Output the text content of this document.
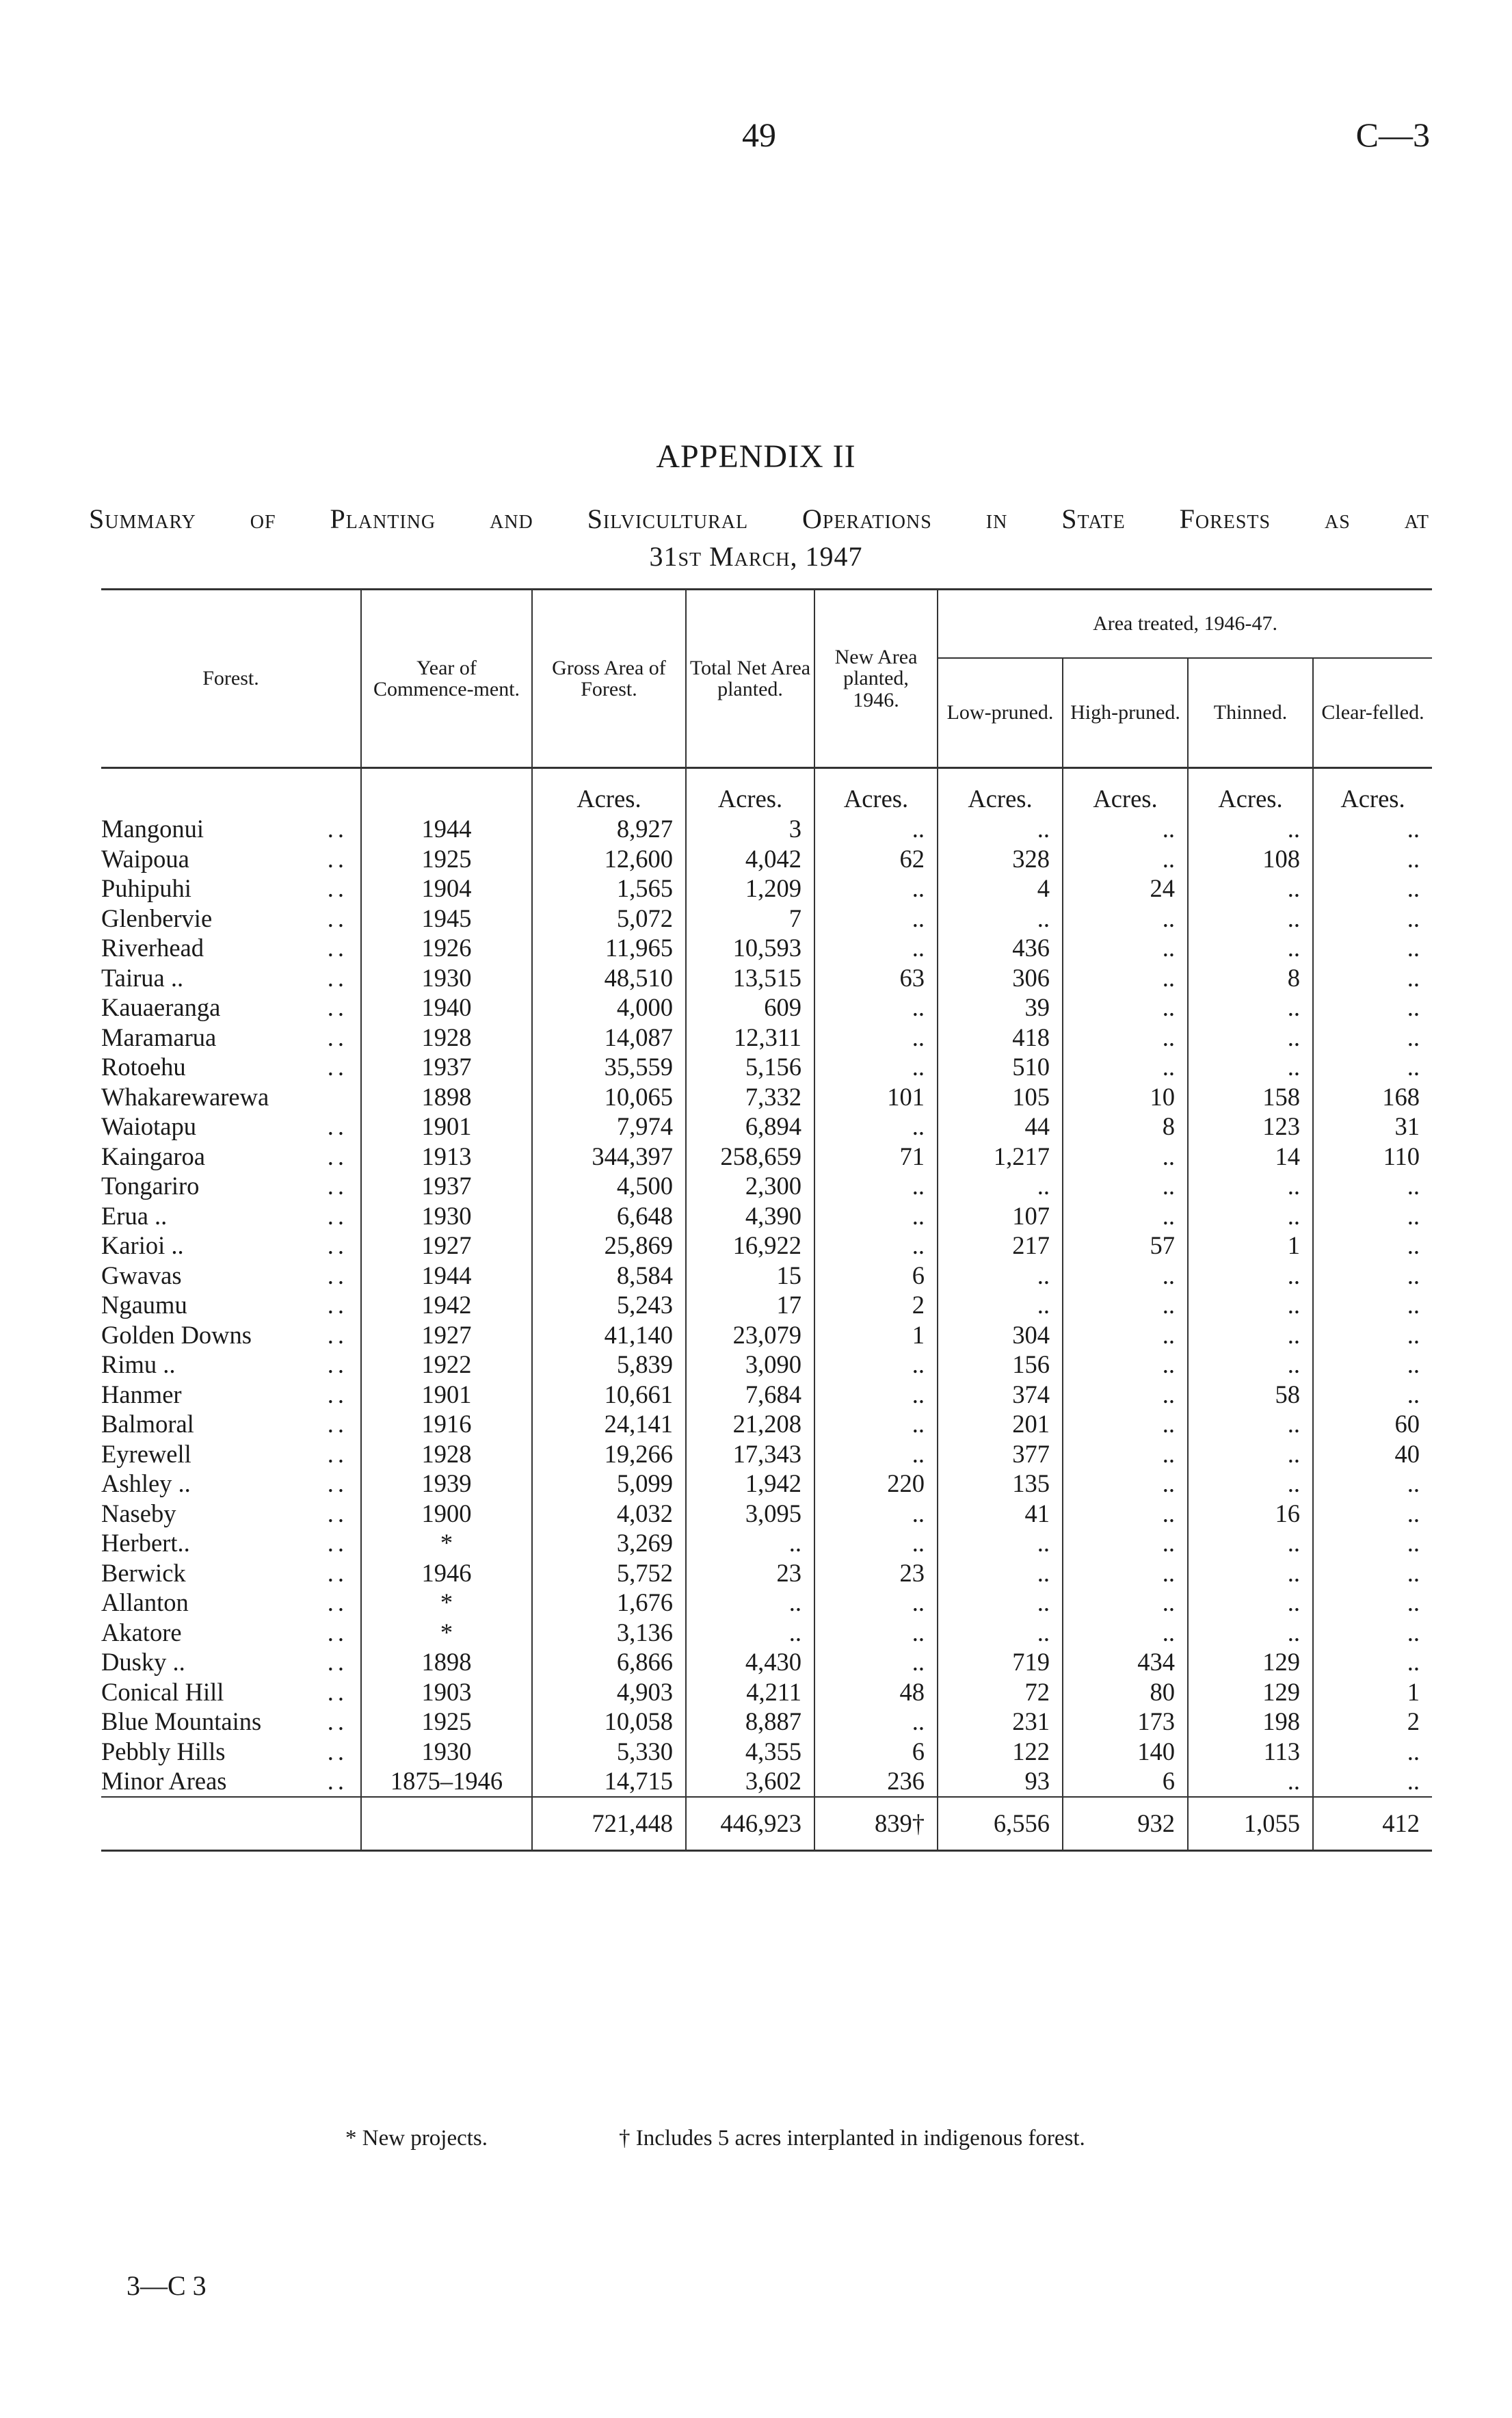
49	C—3
APPENDIX II
Summary of Planting and Silvicultural Operations in State Forests as at
31st March, 1947
Forest.	Year of Commence-ment.	Gross Area of Forest.	Total Net Area planted.	New Area planted, 1946.	Area treated, 1946-47.			
					Low-pruned.	High-pruned.	Thinned.	Clear-felled.
		Acres.	Acres.	Acres.	Acres.	Acres.	Acres.	Acres.
Mangonui ..	1944	8,927	3	..	..	..	..	..
Waipoua ..	1925	12,600	4,042	62	328	..	108	..
Puhipuhi ..	1904	1,565	1,209	..	4	24	..	..
Glenbervie ..	1945	5,072	7	..	..	..	..	..
Riverhead ..	1926	11,965	10,593	..	436	..	..	..
Tairua .. ..	1930	48,510	13,515	63	306	..	8	..
Kauaeranga ..	1940	4,000	609	..	39	..	..	..
Maramarua ..	1928	14,087	12,311	..	418	..	..	..
Rotoehu ..	1937	35,559	5,156	..	510	..	..	..
Whakarewarewa	1898	10,065	7,332	101	105	10	158	168
Waiotapu ..	1901	7,974	6,894	..	44	8	123	31
Kaingaroa ..	1913	344,397	258,659	71	1,217	..	14	110
Tongariro ..	1937	4,500	2,300	..	..	..	..	..
Erua .. ..	1930	6,648	4,390	..	107	..	..	..
Karioi .. ..	1927	25,869	16,922	..	217	57	1	..
Gwavas ..	1944	8,584	15	6	..	..	..	..
Ngaumu ..	1942	5,243	17	2	..	..	..	..
Golden Downs ..	1927	41,140	23,079	1	304	..	..	..
Rimu .. ..	1922	5,839	3,090	..	156	..	..	..
Hanmer ..	1901	10,661	7,684	..	374	..	58	..
Balmoral ..	1916	24,141	21,208	..	201	..	..	60
Eyrewell ..	1928	19,266	17,343	..	377	..	..	40
Ashley .. ..	1939	5,099	1,942	220	135	..	..	..
Naseby ..	1900	4,032	3,095	..	41	..	16	..
Herbert.. ..	*	3,269	..	..	..	..	..	..
Berwick ..	1946	5,752	23	23	..	..	..	..
Allanton ..	*	1,676	..	..	..	..	..	..
Akatore ..	*	3,136	..	..	..	..	..	..
Dusky .. ..	1898	6,866	4,430	..	719	434	129	..
Conical Hill ..	1903	4,903	4,211	48	72	80	129	1
Blue Mountains ..	1925	10,058	8,887	..	231	173	198	2
Pebbly Hills ..	1930	5,330	4,355	6	122	140	113	..
Minor Areas ..	1875–1946	14,715	3,602	236	93	6	..	..
		721,448	446,923	839†	6,556	932	1,055	412
* New projects.	† Includes 5 acres interplanted in indigenous forest.
3—C 3
